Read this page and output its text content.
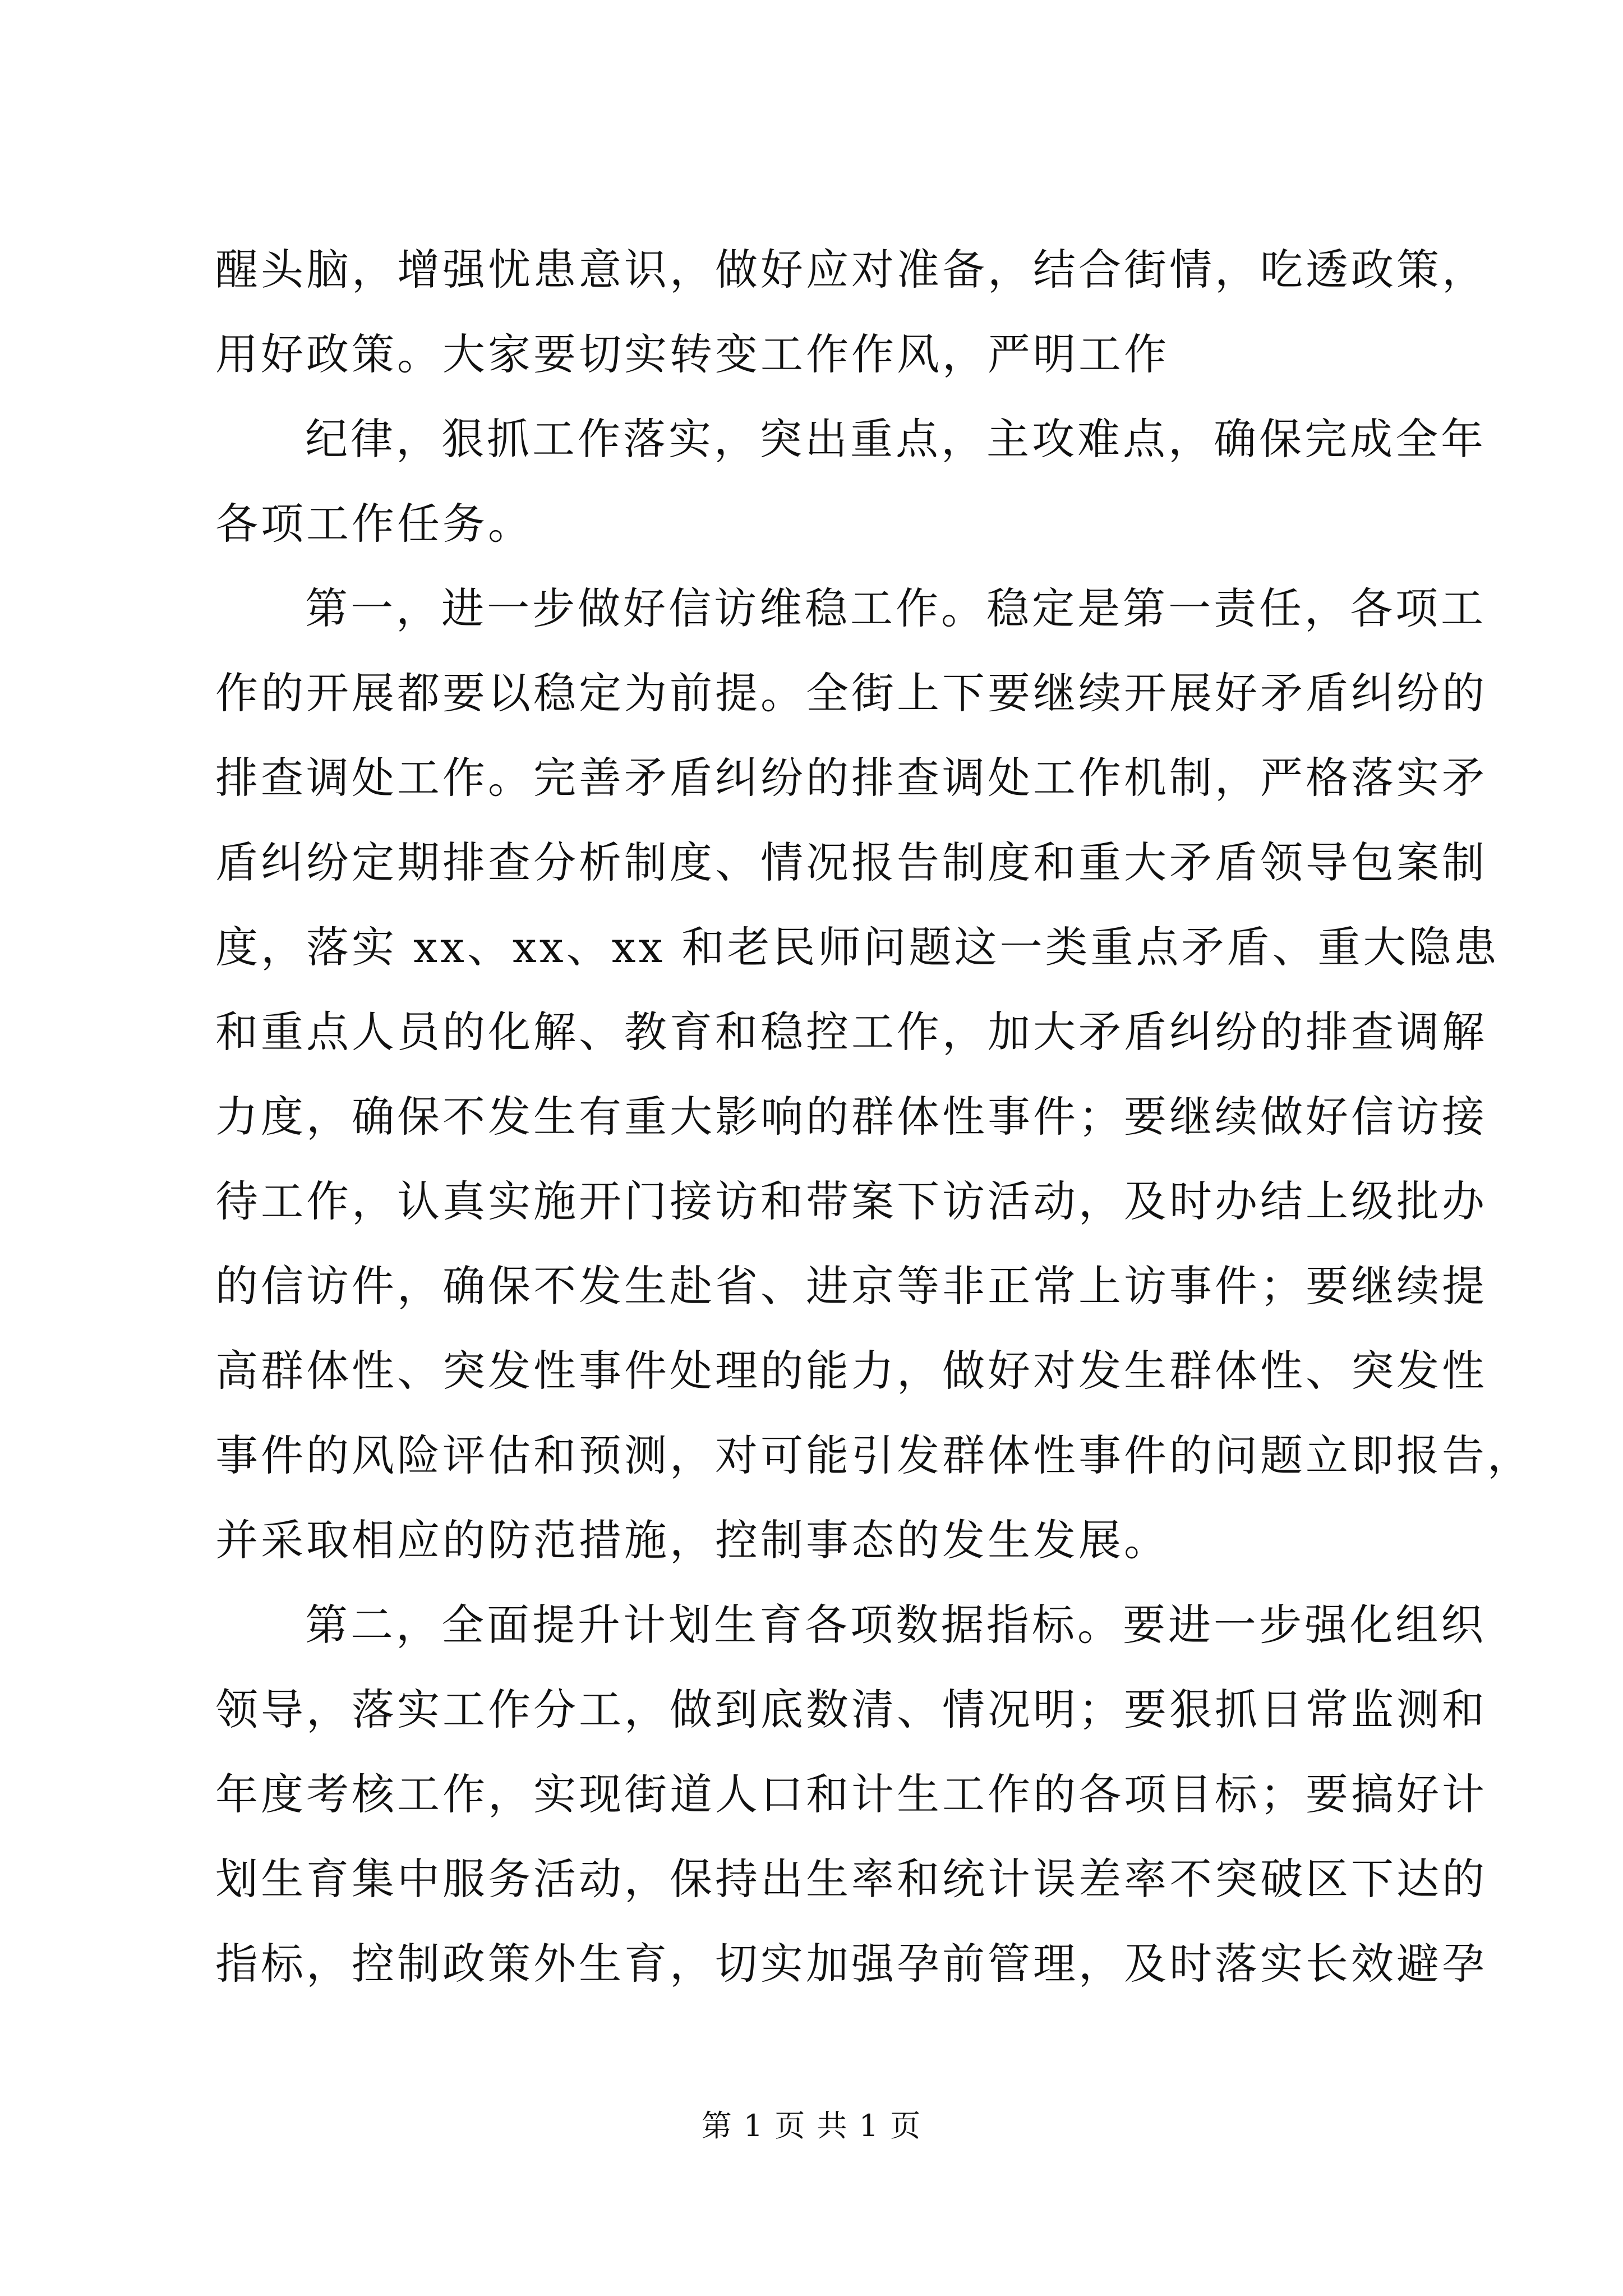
醒头脑，增强忧患意识，做好应对准备，结合街情，吃透政策，
用好政策。大家要切实转变工作作风，严明工作
纪律，狠抓工作落实，突出重点，主攻难点，确保完成全年
各项工作任务。
第一，进一步做好信访维稳工作。稳定是第一责任，各项工
作的开展都要以稳定为前提。全街上下要继续开展好矛盾纠纷的
排查调处工作。完善矛盾纠纷的排查调处工作机制，严格落实矛
盾纠纷定期排查分析制度、情况报告制度和重大矛盾领导包案制
度，落实 xx、xx、xx 和老民师问题这一类重点矛盾、重大隐患
和重点人员的化解、教育和稳控工作，加大矛盾纠纷的排查调解
力度，确保不发生有重大影响的群体性事件；要继续做好信访接
待工作，认真实施开门接访和带案下访活动，及时办结上级批办
的信访件，确保不发生赴省、进京等非正常上访事件；要继续提
高群体性、突发性事件处理的能力，做好对发生群体性、突发性
事件的风险评估和预测，对可能引发群体性事件的问题立即报告，
并采取相应的防范措施，控制事态的发生发展。
第二，全面提升计划生育各项数据指标。要进一步强化组织
领导，落实工作分工，做到底数清、情况明；要狠抓日常监测和
年度考核工作，实现街道人口和计生工作的各项目标；要搞好计
划生育集中服务活动，保持出生率和统计误差率不突破区下达的
指标，控制政策外生育，切实加强孕前管理，及时落实长效避孕
第 1 页 共 1 页
